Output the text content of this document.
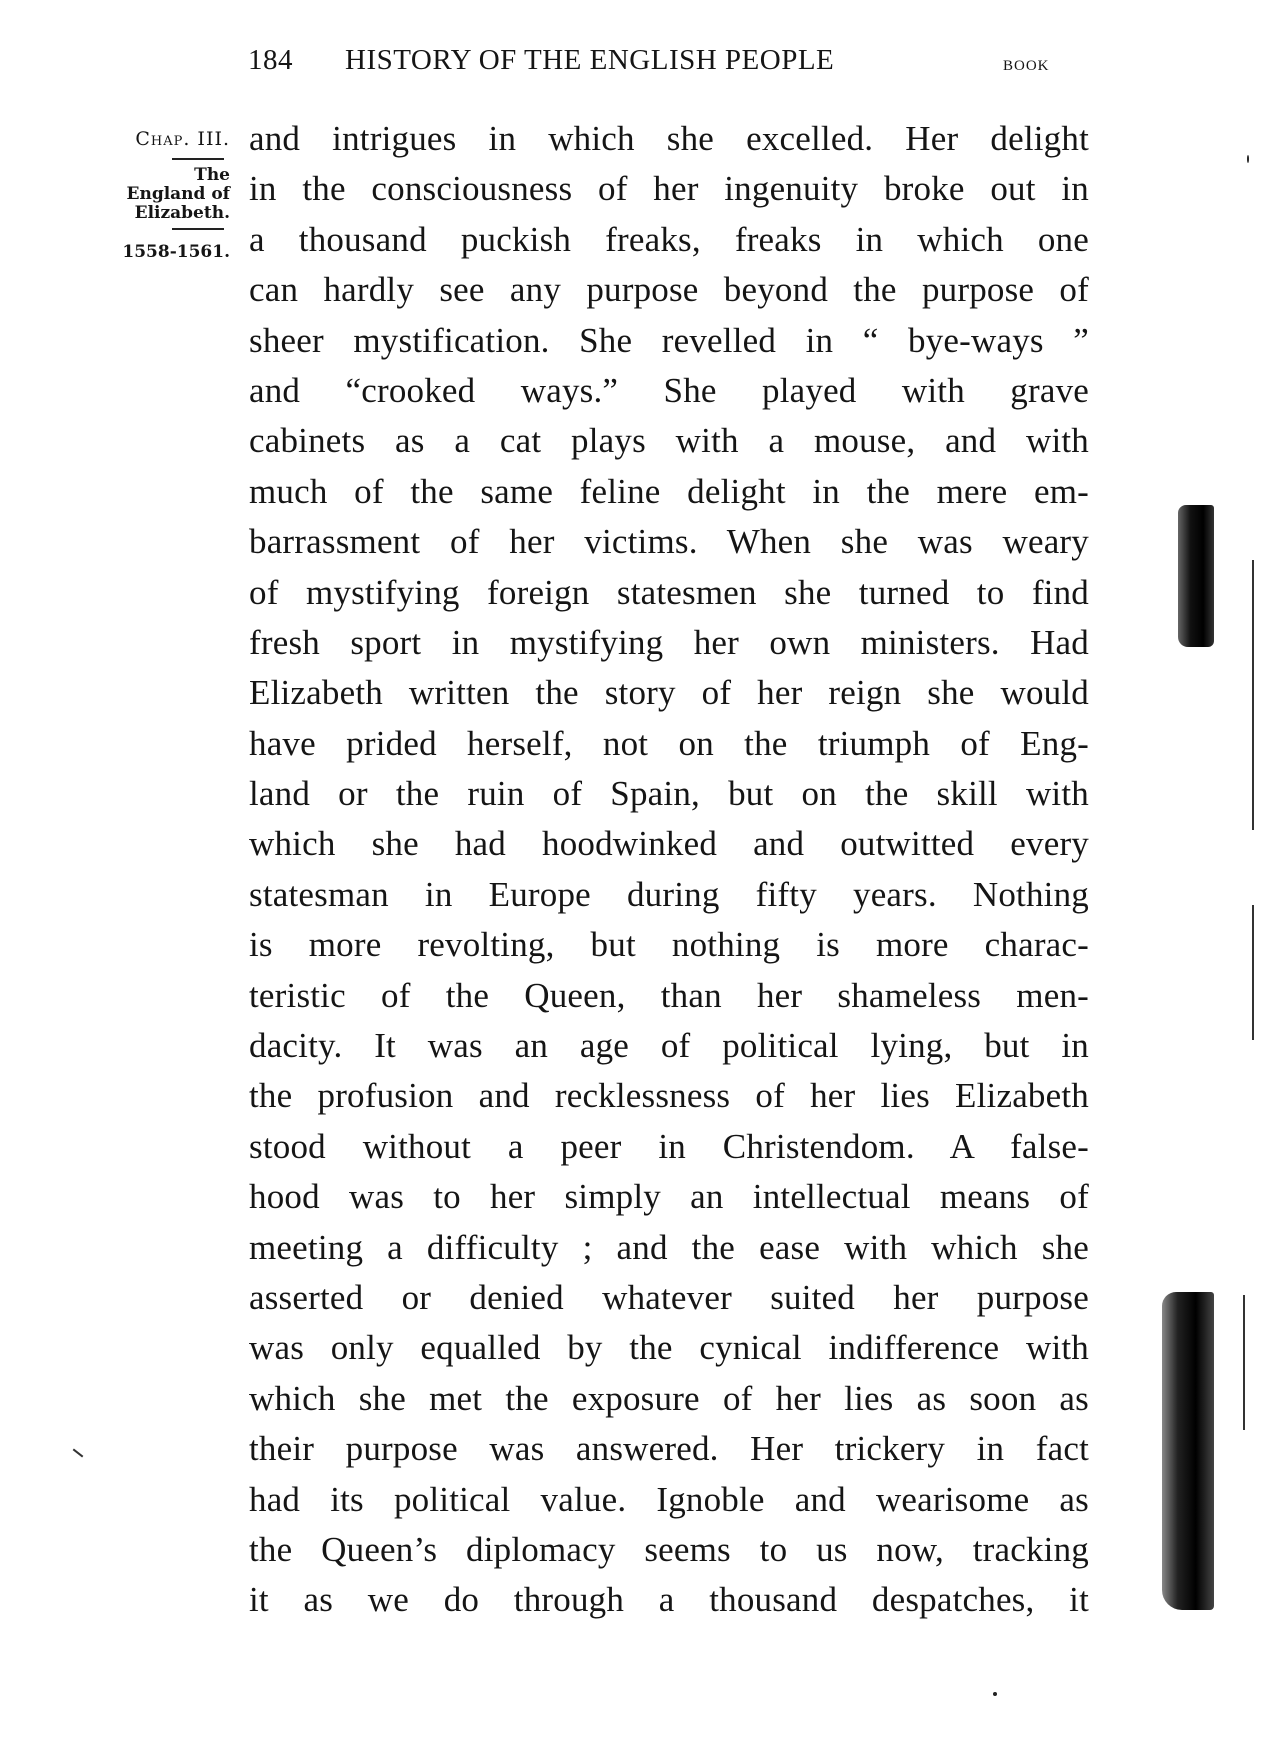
184 HISTORY OF THE ENGLISH PEOPLE	book
Chap. III.
The
England of
Elizabeth.
1558-1561.
and intrigues in which she excelled. Her delight
in the consciousness of her ingenuity broke out in
a thousand puckish freaks, freaks in which one
can hardly see any purpose beyond the purpose of
sheer mystification. She revelled in “ bye-ways ”
and “crooked ways.” She played with grave
cabinets as a cat plays with a mouse, and with
much of the same feline delight in the mere em-
barrassment of her victims. When she was weary
of mystifying foreign statesmen she turned to find
fresh sport in mystifying her own ministers. Had
Elizabeth written the story of her reign she would
have prided herself, not on the triumph of Eng-
land or the ruin of Spain, but on the skill with
which she had hoodwinked and outwitted every
statesman in Europe during fifty years. Nothing
is more revolting, but nothing is more charac-
teristic of the Queen, than her shameless men-
dacity. It was an age of political lying, but in
the profusion and recklessness of her lies Elizabeth
stood without a peer in Christendom. A false-
hood was to her simply an intellectual means of
meeting a difficulty ; and the ease with which she
asserted or denied whatever suited her purpose
was only equalled by the cynical indifference with
which she met the exposure of her lies as soon as
their purpose was answered. Her trickery in fact
had its political value. Ignoble and wearisome as
the Queen’s diplomacy seems to us now, tracking
it as we do through a thousand despatches, it
